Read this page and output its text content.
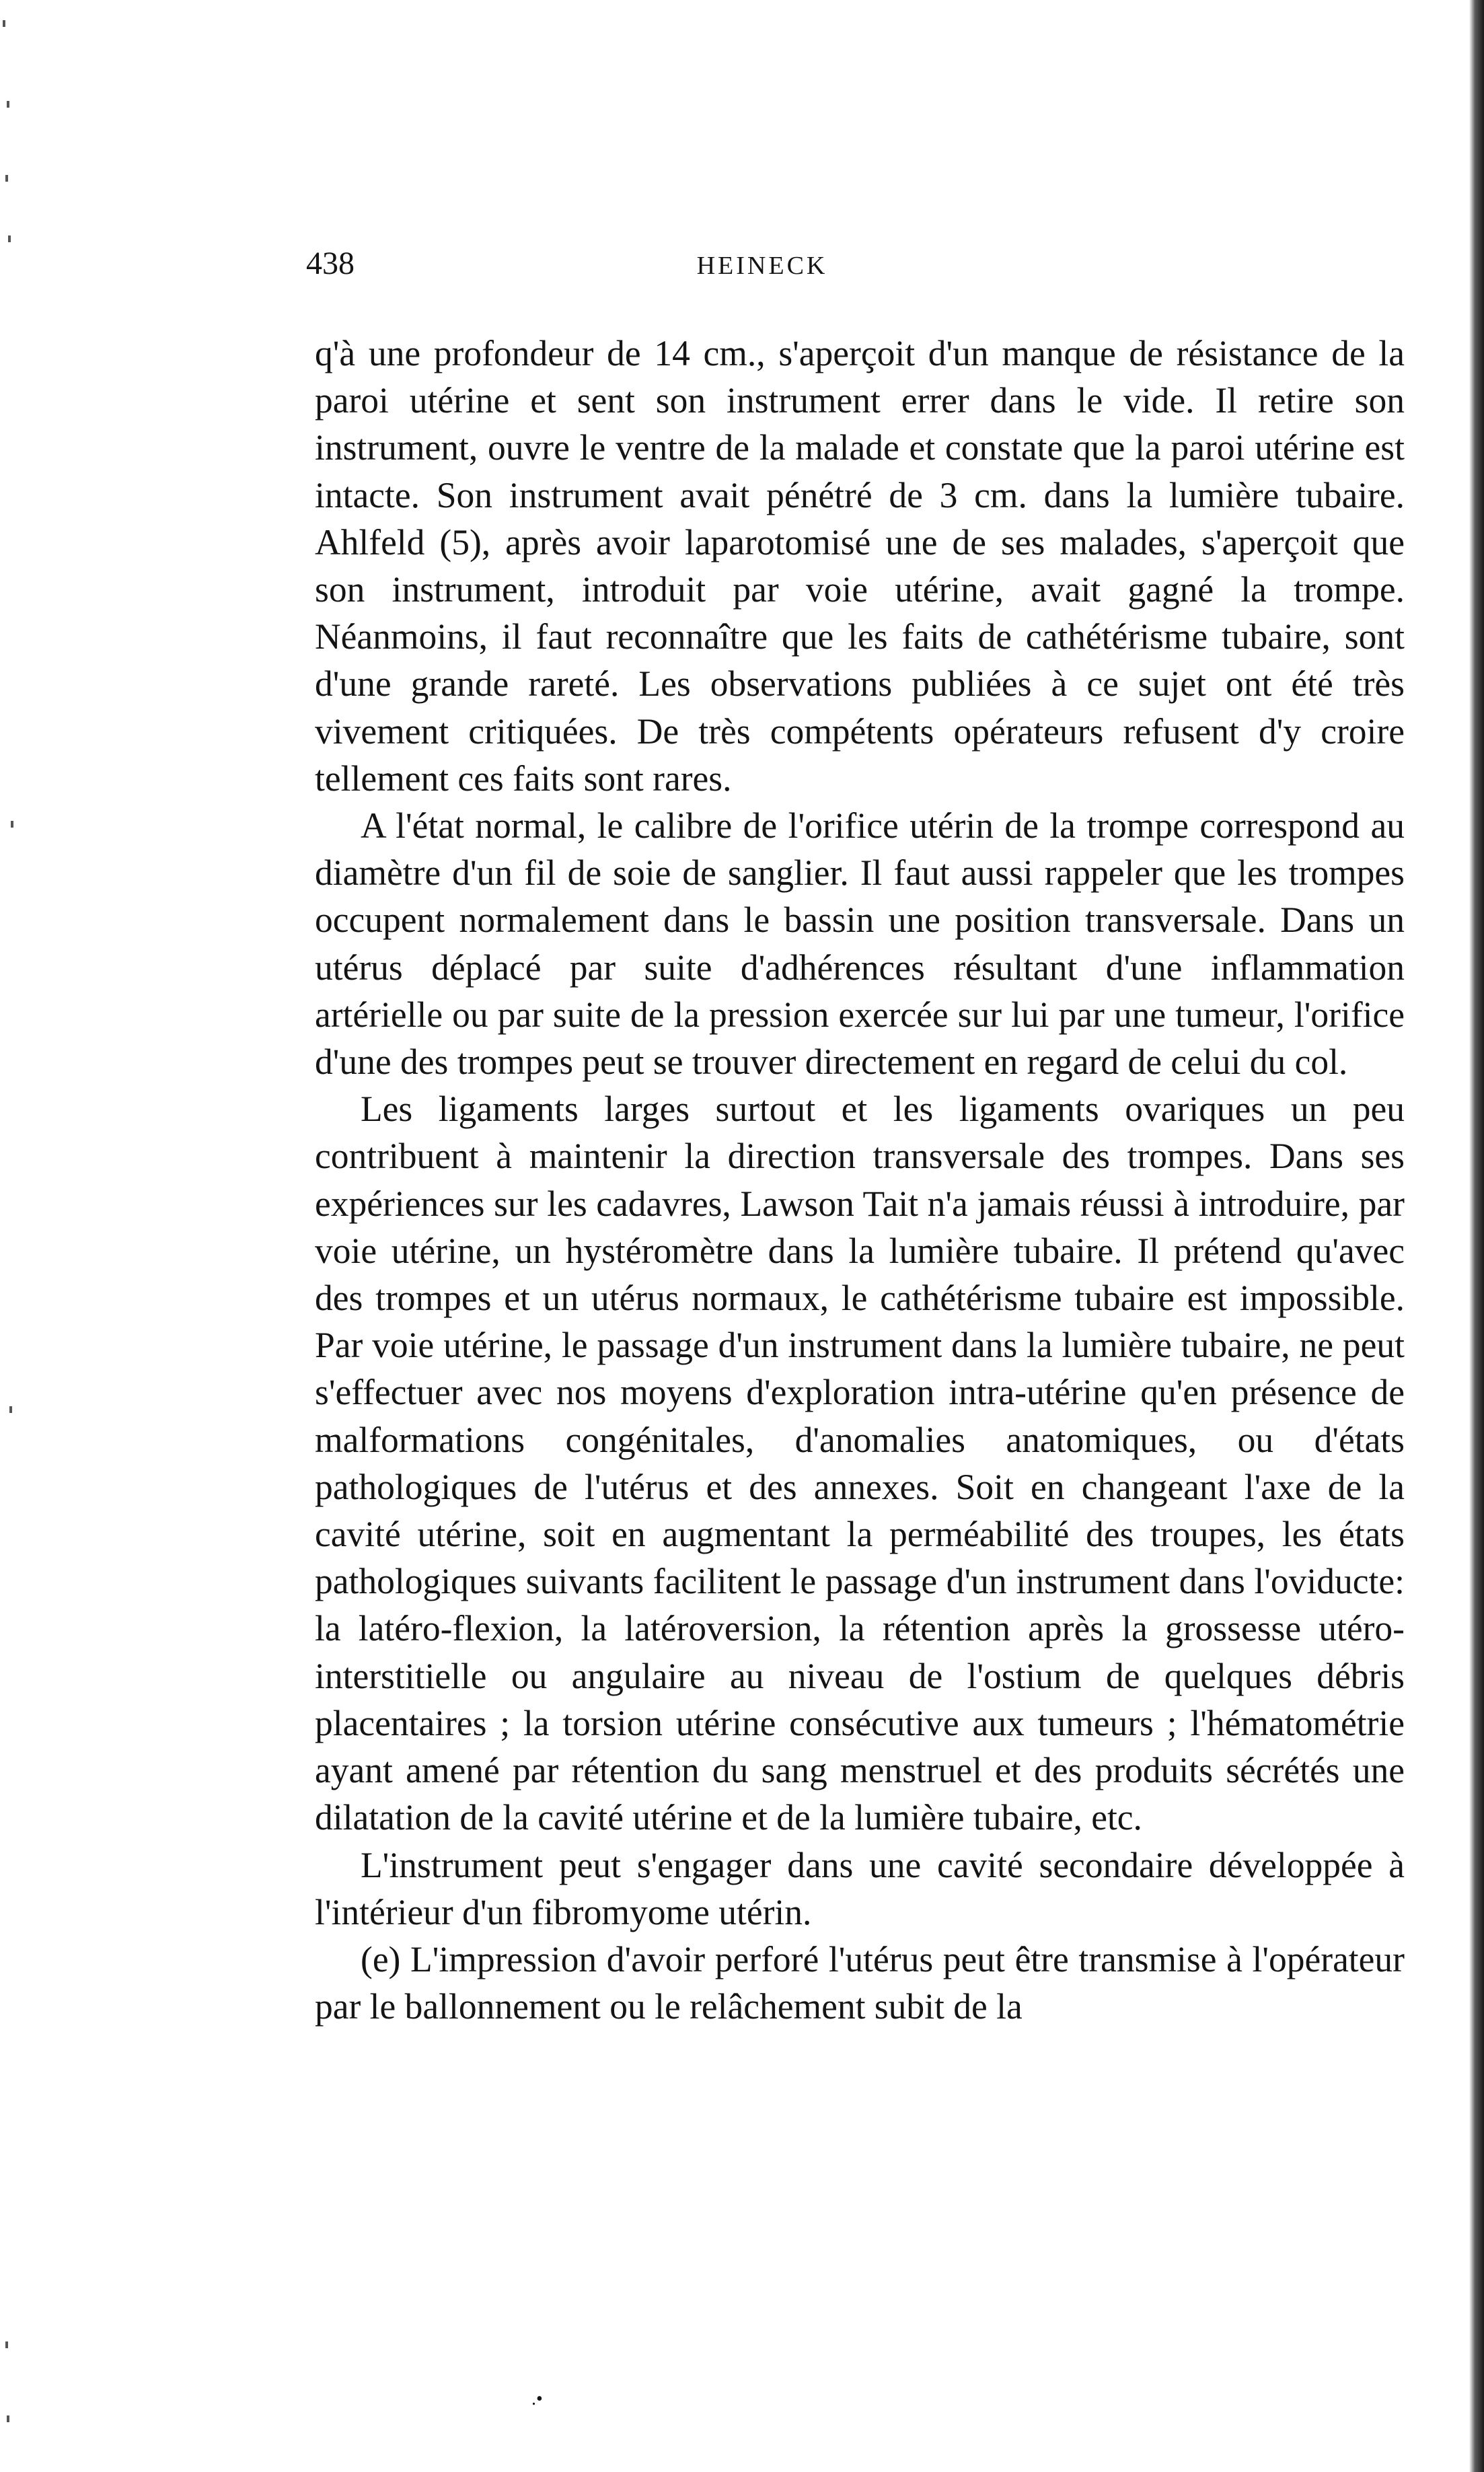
438	HEINECK

q'à une profondeur de 14 cm., s'aperçoit d'un manque de résistance de la paroi utérine et sent son instrument errer dans le vide. Il retire son instrument, ouvre le ventre de la malade et constate que la paroi utérine est intacte. Son instrument avait pénétré de 3 cm. dans la lumière tubaire. Ahlfeld (5), après avoir laparotomisé une de ses malades, s'aperçoit que son instrument, introduit par voie utérine, avait gagné la trompe. Néanmoins, il faut reconnaître que les faits de cathétérisme tubaire, sont d'une grande rareté. Les observations publiées à ce sujet ont été très vivement critiquées. De très compétents opérateurs refusent d'y croire tellement ces faits sont rares.

A l'état normal, le calibre de l'orifice utérin de la trompe correspond au diamètre d'un fil de soie de sanglier. Il faut aussi rappeler que les trompes occupent normalement dans le bassin une position transversale. Dans un utérus déplacé par suite d'adhérences résultant d'une inflammation artérielle ou par suite de la pression exercée sur lui par une tumeur, l'orifice d'une des trompes peut se trouver directement en regard de celui du col.

Les ligaments larges surtout et les ligaments ovariques un peu contribuent à maintenir la direction transversale des trompes. Dans ses expériences sur les cadavres, Lawson Tait n'a jamais réussi à introduire, par voie utérine, un hystéromètre dans la lumière tubaire. Il prétend qu'avec des trompes et un utérus normaux, le cathétérisme tubaire est impossible. Par voie utérine, le passage d'un instrument dans la lumière tubaire, ne peut s'effectuer avec nos moyens d'exploration intra-utérine qu'en présence de malformations congénitales, d'anomalies anatomiques, ou d'états pathologiques de l'utérus et des annexes. Soit en changeant l'axe de la cavité utérine, soit en augmentant la perméabilité des troupes, les états pathologiques suivants facilitent le passage d'un instrument dans l'oviducte: la latéro-flexion, la latéroversion, la rétention après la grossesse utéro-interstitielle ou angulaire au niveau de l'ostium de quelques débris placentaires ; la torsion utérine consécutive aux tumeurs ; l'hématométrie ayant amené par rétention du sang menstruel et des produits sécrétés une dilatation de la cavité utérine et de la lumière tubaire, etc.

L'instrument peut s'engager dans une cavité secondaire développée à l'intérieur d'un fibromyome utérin.

(e) L'impression d'avoir perforé l'utérus peut être transmise à l'opérateur par le ballonnement ou le relâchement subit de la

.•
